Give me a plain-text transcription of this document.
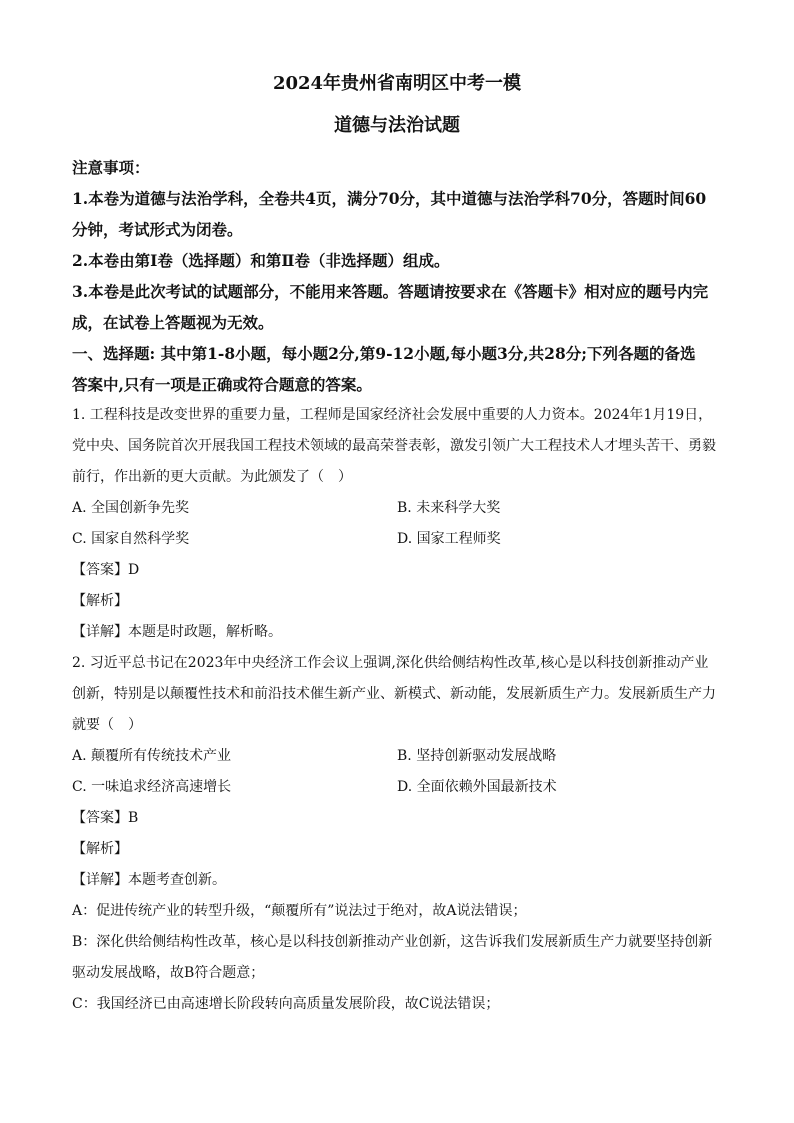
2024年贵州省南明区中考一模

道德与法治试题

注意事项：

1.本卷为道德与法治学科，全卷共4页，满分70分，其中道德与法治学科70分，答题时间60

分钟，考试形式为闭卷。

2.本卷由第Ⅰ卷（选择题）和第Ⅱ卷（非选择题）组成。

3.本卷是此次考试的试题部分，不能用来答题。答题请按要求在《答题卡》相对应的题号内完

成，在试卷上答题视为无效。

一、选择题: 其中第1-8小题，每小题2分,第9-12小题,每小题3分,共28分;下列各题的备选

答案中,只有一项是正确或符合题意的答案。

1. 工程科技是改变世界的重要力量，工程师是国家经济社会发展中重要的人力资本。2024年1月19日，

党中央、国务院首次开展我国工程技术领域的最高荣誉表彰，激发引领广大工程技术人才埋头苦干、勇毅

前行，作出新的更大贡献。为此颁发了（　）

A. 全国创新争先奖	B. 未来科学大奖
C. 国家自然科学奖	D. 国家工程师奖

【答案】D

【解析】

【详解】本题是时政题，解析略。

2. 习近平总书记在2023年中央经济工作会议上强调,深化供给侧结构性改革,核心是以科技创新推动产业

创新，特别是以颠覆性技术和前沿技术催生新产业、新模式、新动能，发展新质生产力。发展新质生产力

就要（　）

A. 颠覆所有传统技术产业	B. 坚持创新驱动发展战略
C. 一味追求经济高速增长	D. 全面依赖外国最新技术

【答案】B

【解析】

【详解】本题考查创新。

A：促进传统产业的转型升级，“颠覆所有”说法过于绝对，故A说法错误；

B：深化供给侧结构性改革，核心是以科技创新推动产业创新，这告诉我们发展新质生产力就要坚持创新

驱动发展战略，故B符合题意；

C：我国经济已由高速增长阶段转向高质量发展阶段，故C说法错误；
